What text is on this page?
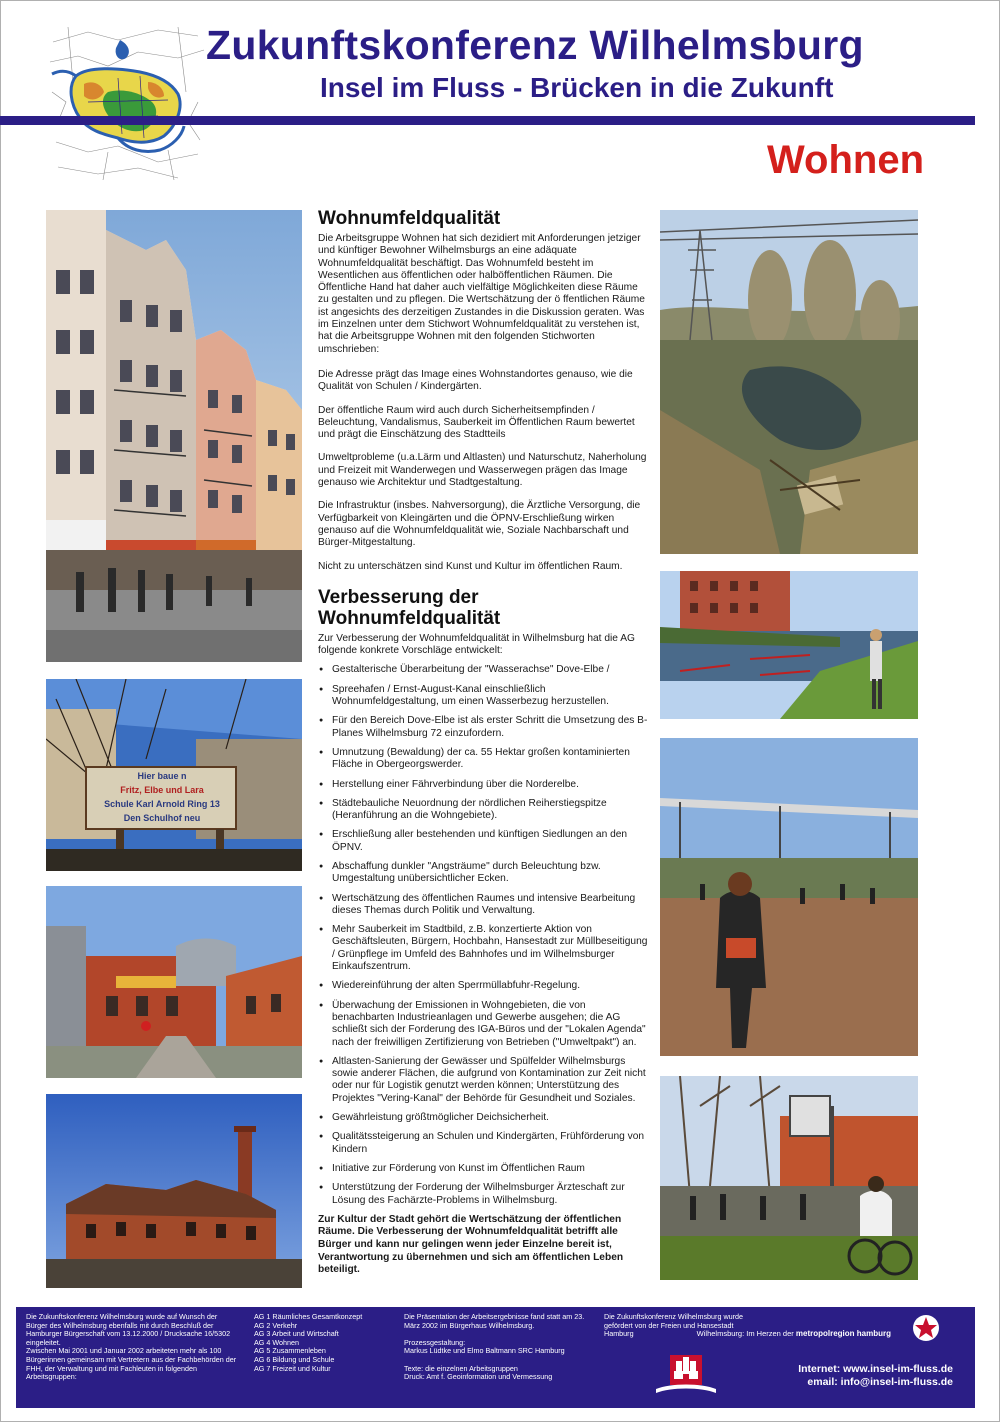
Zukunftskonferenz Wilhelmsburg
Insel im Fluss - Brücken in die Zukunft
Wohnen
Hier baue n
Fritz, Elbe und Lara
Schule Karl Arnold Ring 13
Den Schulhof neu
Wohnumfeldqualität
Die Arbeitsgruppe Wohnen hat sich dezidiert mit Anforderungen jetziger und künftiger Bewohner Wilhelmsburgs an eine adäquate Wohnumfeldqualität beschäftigt. Das Wohnumfeld besteht im Wesentlichen aus öffentlichen oder halböffentlichen Räumen. Die Öffentliche Hand hat daher auch vielfältige Möglichkeiten diese Räume zu gestalten und zu pflegen. Die Wertschätzung der ö ffentlichen Räume ist angesichts des derzeitigen Zustandes in die Diskussion geraten. Was im Einzelnen unter dem Stichwort Wohnumfeldqualität zu verstehen ist, hat die Arbeitsgruppe Wohnen mit den folgenden Stichworten umschrieben:
Die Adresse prägt das Image eines Wohnstandortes genauso, wie die Qualität von Schulen / Kindergärten.
Der öffentliche Raum wird auch durch Sicherheitsempfinden / Beleuchtung, Vandalismus, Sauberkeit im Öffentlichen Raum bewertet und prägt die Einschätzung des Stadtteils
Umweltprobleme (u.a.Lärm und Altlasten) und Naturschutz, Naherholung und Freizeit mit Wanderwegen und Wasserwegen prägen das Image genauso wie Architektur und Stadtgestaltung.
Die Infrastruktur (insbes. Nahversorgung), die Ärztliche Versorgung, die Verfügbarkeit von Kleingärten und die ÖPNV-Erschließung wirken genauso auf die Wohnumfeldqualität wie, Soziale Nachbarschaft und Bürger-Mitgestaltung.
Nicht zu unterschätzen sind Kunst und Kultur im öffentlichen Raum.
Verbesserung der Wohnumfeldqualität
Zur Verbesserung der Wohnumfeldqualität in Wilhelmsburg hat die AG folgende konkrete Vorschläge entwickelt:
● Gestalterische Überarbeitung der "Wasserachse" Dove-Elbe /
● Spreehafen / Ernst-August-Kanal einschließlich Wohnumfeldgestaltung, um einen Wasserbezug herzustellen.
● Für den Bereich Dove-Elbe ist als erster Schritt die Umsetzung des B-Planes Wilhelmsburg 72 einzufordern.
● Umnutzung (Bewaldung) der ca. 55 Hektar großen kontaminierten Fläche in Obergeorgswerder.
● Herstellung einer Fährverbindung über die Norderelbe.
● Städtebauliche Neuordnung der nördlichen Reiherstiegspitze (Heranführung an die Wohngebiete).
● Erschließung aller bestehenden und künftigen Siedlungen an den ÖPNV.
● Abschaffung dunkler "Angsträume" durch Beleuchtung bzw. Umgestaltung unübersichtlicher Ecken.
● Wertschätzung des öffentlichen Raumes und intensive Bearbeitung dieses Themas durch Politik und Verwaltung.
● Mehr Sauberkeit im Stadtbild, z.B. konzertierte Aktion von Geschäftsleuten, Bürgern, Hochbahn, Hansestadt zur Müllbeseitigung / Grünpflege im Umfeld des Bahnhofes und im Wilhelmsburger Einkaufszentrum.
● Wiedereinführung der alten Sperrmüllabfuhr-Regelung.
● Überwachung der Emissionen in Wohngebieten, die von benachbarten Industrieanlagen und Gewerbe ausgehen; die AG schließt sich der Forderung des IGA-Büros und der "Lokalen Agenda" nach der freiwilligen Zertifizierung von Betrieben ("Umweltpakt") an.
● Altlasten-Sanierung der Gewässer und Spülfelder Wilhelmsburgs sowie anderer Flächen, die aufgrund von Kontamination zur Zeit nicht oder nur für Logistik genutzt werden können; Unterstützung des Projektes "Vering-Kanal" der Behörde für Gesundheit und Soziales.
● Gewährleistung größtmöglicher Deichsicherheit.
● Qualitätssteigerung an Schulen und Kindergärten, Frühförderung von Kindern
● Initiative zur Förderung von Kunst im Öffentlichen Raum
● Unterstützung der Forderung der Wilhelmsburger Ärzteschaft zur Lösung des Fachärzte-Problems in Wilhelmsburg.
Zur Kultur der Stadt gehört die Wertschätzung der öffentlichen Räume. Die Verbesserung der Wohnumfeldqualität betrifft alle Bürger und kann nur gelingen wenn jeder Einzelne bereit ist, Verantwortung zu übernehmen und sich am öffentlichen Leben beteiligt.
Die Zukunftskonferenz Wilhelmsburg wurde auf Wunsch der Bürger des Wilhelmsburg ebenfalls mit durch Beschluß der Hamburger Bürgerschaft vom 13.12.2000 / Drucksache 16/5302 eingeleitet.
Zwischen Mai 2001 und Januar 2002 arbeiteten mehr als 100 Bürgerinnen gemeinsam mit Vertretern aus der Fachbehörden der FHH, der Verwaltung und mit Fachleuten in folgenden Arbeitsgruppen:
AG 1 Räumliches Gesamtkonzept
AG 2 Verkehr
AG 3 Arbeit und Wirtschaft
AG 4 Wohnen
AG 5 Zusammenleben
AG 6 Bildung und Schule
AG 7 Freizeit und Kultur
Die Präsentation der Arbeitsergebnisse fand statt am 23. März 2002 im Bürgerhaus Wilhelmsburg.

Prozessgestaltung:
Markus Lüdtke und Elmo Baltmann SRC Hamburg

Texte: die einzelnen Arbeitsgruppen
Druck: Amt f. Geoinformation und Vermessung
Die Zukunftskonferenz Wilhelmsburg wurde gefördert von der Freien und Hansestadt Hamburg	Wilhelmsburg: Im Herzen der metropolregion hamburg
Internet: www.insel-im-fluss.de
email: info@insel-im-fluss.de
